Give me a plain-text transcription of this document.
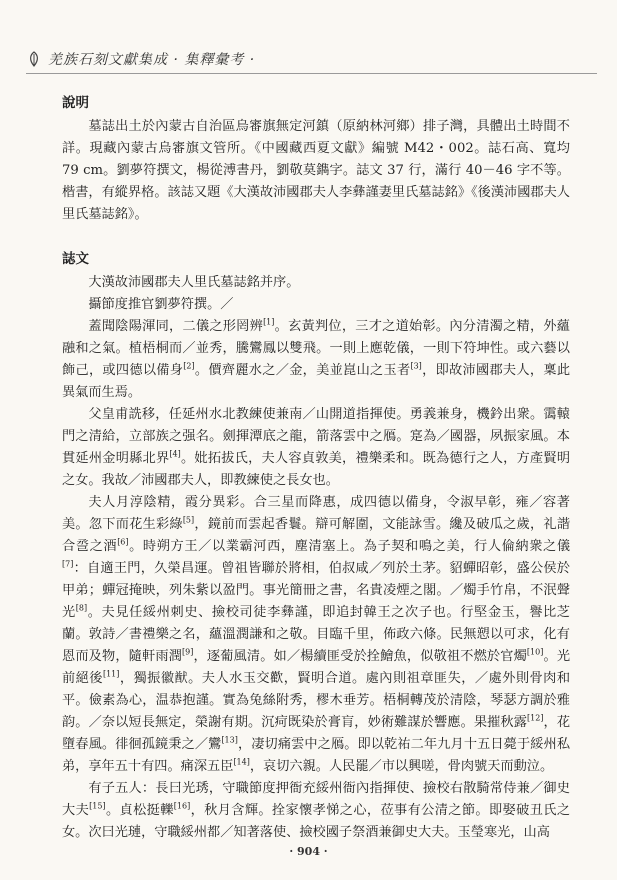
羌族石刻文獻集成 · 集釋彙考 ·
說明

墓誌出土於內蒙古自治區烏審旗無定河鎮（原納林河鄉）排子灣，具體出土時間不詳。現藏內蒙古烏審旗文管所。《中國藏西夏文獻》編號 M42・002。誌石高、寬均 79 cm。劉夢符撰文，楊從溥書丹，劉敬莫鐫字。誌文 37 行，滿行 40－46 字不等。楷書，有縱界格。該誌又題《大漢故沛國郡夫人李彝謹妻里氏墓誌銘》《後漢沛國郡夫人里氏墓誌銘》。

誌文

大漢故沛國郡夫人里氏墓誌銘并序。

攝節度推官劉夢符撰。／

蓋聞陰陽渾同，二儀之形罔辨[1]。玄黃判位，三才之道始彰。內分清濁之精，外蘊融和之氣。植梧桐而／並秀，騰鸞鳳以雙飛。一則上應乾儀，一則下符坤性。或六藝以飾己，或四德以備身[2]。價齊麗水之／金，美並崑山之玉者[3]，即故沛國郡夫人，稟此異氣而生焉。

父皇甫詵移，任延州水北教練使兼南／山開道指揮使。勇義兼身，機鈐出衆。霭轅門之清給，立部族之强名。劍揮潭底之龍，箭落雲中之鴈。寔為／國器，夙振家風。本貫延州金明縣北界[4]。妣拓拔氏，夫人容貞敦美，禮樂柔和。既為德行之人，方產賢明之女。我故／沛國郡夫人，即教練使之長女也。

夫人月淳陰精，霞分異彩。合三星而降惠，成四德以備身，令淑早彰，雍／容著美。忽下而花生彩綠[5]，鏡前而雲起香鬟。辯可解圍，文能詠雪。纔及破瓜之歲，礼諧合巹之酒[6]。時朔方王／以業霸河西，塵清塞上。為子契和鳴之美，行人倫納衆之儀[7]：自適王門，久榮昌運。曾祖皆聯於將相，伯叔咸／列於土茅。貂蟬昭彰，盛公侯於甲弟；蟬冠掩映，列朱紫以盈門。事光簡冊之書，名貴凌煙之閣。／燭手竹帛，不泯聲光[8]。夫見任綏州刺史、撿校司徒李彝謹，即追封韓王之次子也。行堅金玉，譽比芝蘭。敦詩／書禮樂之名，蘊溫潤謙和之敬。目臨千里，佈政六條。民無愬以可求，化有恩而及物，隨軒雨潤[9]，逐葡風清。如／楊續匪受於拴鱠魚，似敬祖不燃於官燭[10]。光前絕後[11]，獨振徽猷。夫人水玉交歡，賢明合道。處內則祖章匪失，／處外則骨肉和平。儉素為心，温恭抱謹。實為兔絲附秀，樛木垂芳。梧桐轉茂於清陰，琴瑟方調於雅韵。／奈以短長無定，榮謝有期。沉疴既染於膏肓，妙術難謀於響應。果摧秋露[12]，花墮春風。徘徊孤鏡秉之／鸞[13]，凄切痛雲中之鴈。即以乾祐二年九月十五日薨于綏州私弟，享年五十有四。痛深五臣[14]，哀切六親。人民罷／市以興嗟，骨肉號天而動泣。

有子五人：長曰光琇，守職節度押衙充綏州衙內指揮使、撿校右散騎常侍兼／御史大夫[15]。貞松挺轢[16]，秋月含輝。拴家懷孝悌之心，莅事有公清之節。即娶破丑氏之女。次曰光璉，守職綏州都／知著落使、撿校國子祭酒兼御史大夫。玉瑩寒光，山高

· 904 ·
